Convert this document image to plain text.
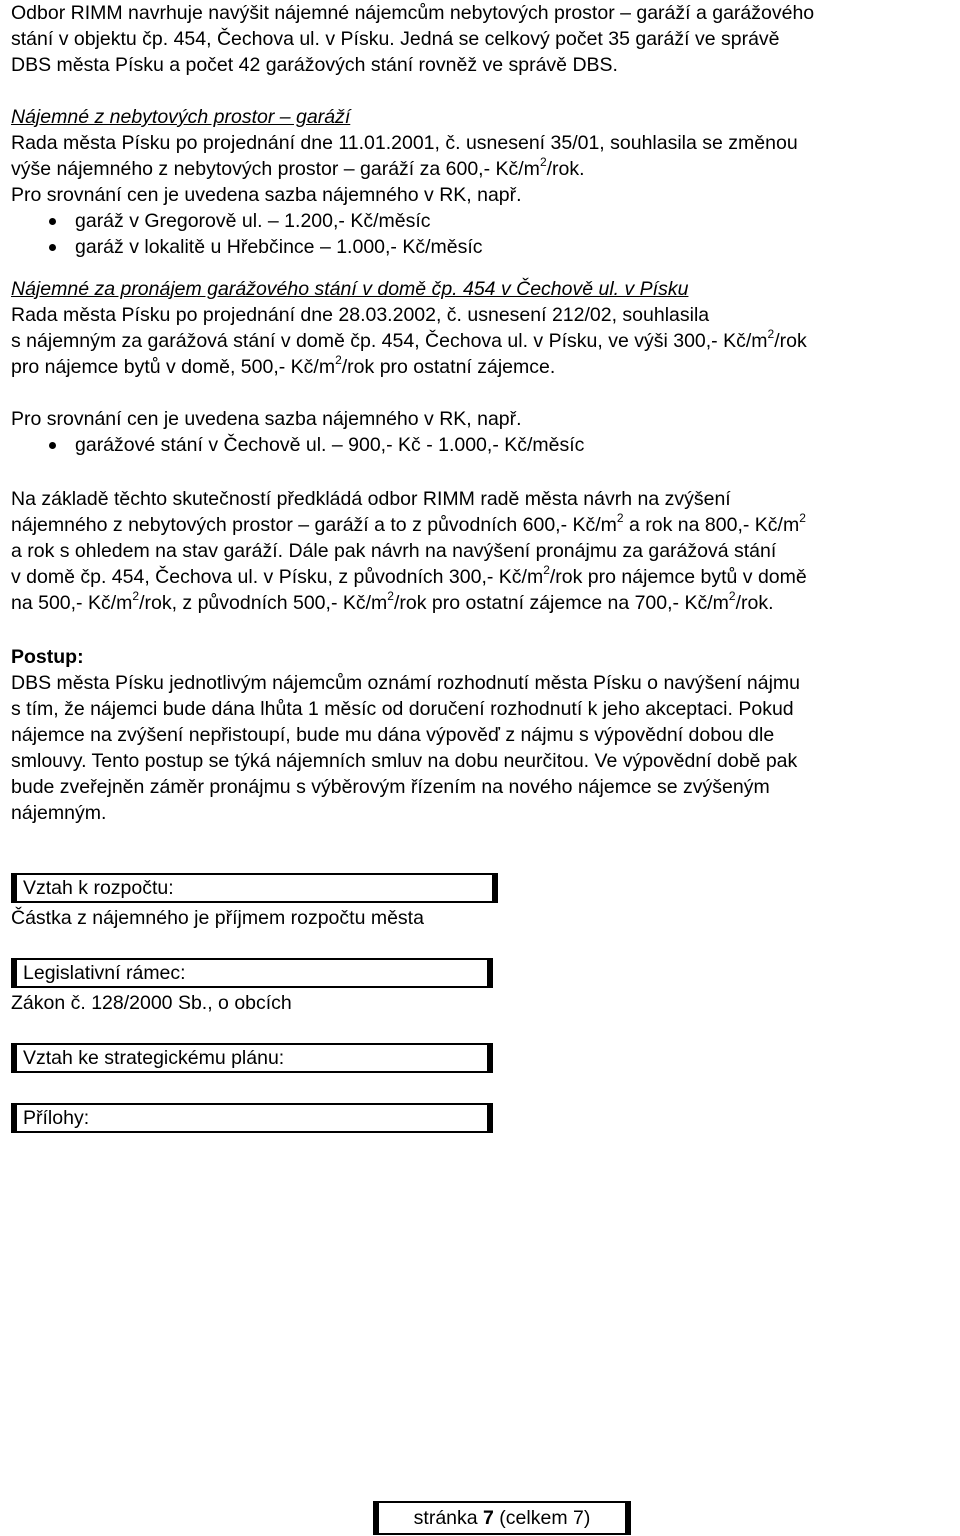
Odbor RIMM navrhuje navýšit nájemné nájemcům nebytových prostor – garáží a garážového

stání v objektu čp. 454, Čechova ul. v Písku. Jedná se celkový počet 35 garáží ve správě

DBS města Písku a počet 42 garážových stání rovněž ve správě DBS.

Nájemné z nebytových prostor – garáží

Rada města Písku po projednání dne 11.01.2001, č. usnesení 35/01, souhlasila se změnou

výše nájemného z nebytových prostor – garáží za 600,- $Kč/m^2$/rok.

Pro srovnání cen je uvedena sazba nájemného v RK, např.

garáž v Gregorově ul. – 1.200,- Kč/měsíc
garáž v lokalitě u Hřebčince – 1.000,- Kč/měsíc

Nájemné za pronájem garážového stání v domě čp. 454 v Čechově ul. v Písku

Rada města Písku po projednání dne 28.03.2002, č. usnesení 212/02, souhlasila

s nájemným za garážová stání v domě čp. 454, Čechova ul. v Písku, ve výši 300,- $Kč/m^2$/rok

pro nájemce bytů v domě, 500,- $Kč/m^2$/rok pro ostatní zájemce.

Pro srovnání cen je uvedena sazba nájemného v RK, např.

garážové stání v Čechově ul. – 900,- Kč - 1.000,- Kč/měsíc

Na základě těchto skutečností předkládá odbor RIMM radě města návrh na zvýšení

nájemného z nebytových prostor – garáží a to z původních 600,- $Kč/m^2$ a rok na 800,- $Kč/m^2$

a rok s ohledem na stav garáží. Dále pak návrh na navýšení pronájmu za garážová stání

v domě čp. 454, Čechova ul. v Písku, z původních 300,- $Kč/m^2$/rok pro nájemce bytů v domě

na 500,- $Kč/m^2$/rok, z původních 500,- $Kč/m^2$/rok pro ostatní zájemce na 700,- $Kč/m^2$/rok.

Postup:

DBS města Písku jednotlivým nájemcům oznámí rozhodnutí města Písku o navýšení nájmu

s tím, že nájemci bude dána lhůta 1 měsíc od doručení rozhodnutí k jeho akceptaci. Pokud

nájemce na zvýšení nepřistoupí, bude mu dána výpověď z nájmu s výpovědní dobou dle

smlouvy. Tento postup se týká nájemních smluv na dobu neurčitou. Ve výpovědní době pak

bude zveřejněn záměr pronájmu s výběrovým řízením na nového nájemce se zvýšeným

nájemným.

Vztah k rozpočtu:
Částka z nájemného je příjmem rozpočtu města
Legislativní rámec:
Zákon č. 128/2000 Sb., o obcích
Vztah ke strategickému plánu:
Přílohy:
stránka 7 (celkem 7)
